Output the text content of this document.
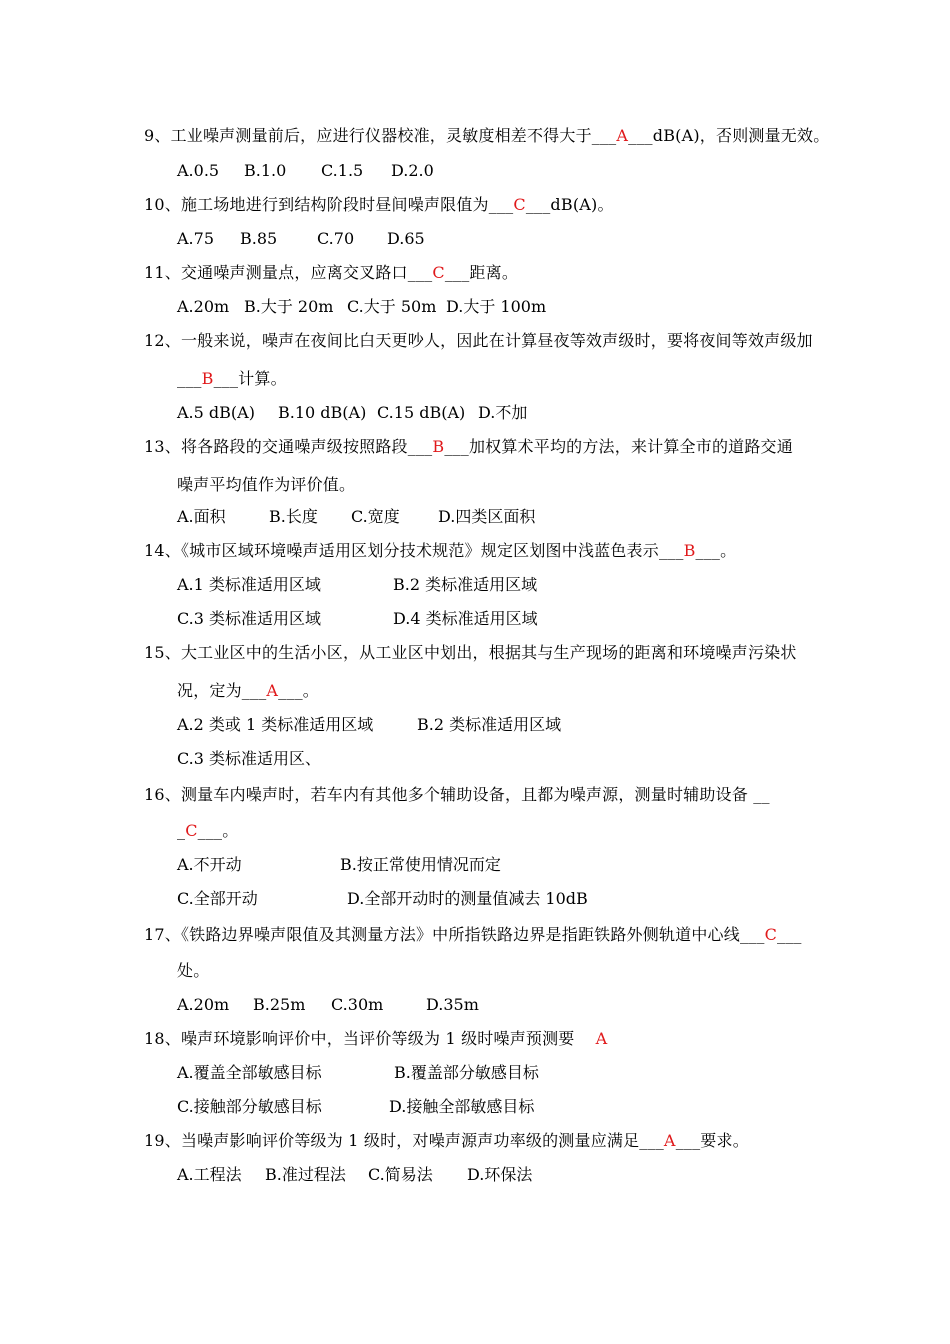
9、工业噪声测量前后，应进行仪器校准，灵敏度相差不得大于___A___dB(A)，否则测量无效。
A.0.5 B.1.0 C.1.5 D.2.0
10、施工场地进行到结构阶段时昼间噪声限值为___C___dB(A)。
A.75 B.85 C.70 D.65
11、交通噪声测量点，应离交叉路口___C___距离。
A.20m B.大于 20m C.大于 50m D.大于 100m
12、一般来说，噪声在夜间比白天更吵人，因此在计算昼夜等效声级时，要将夜间等效声级加
___B___计算。
A.5 dB(A) B.10 dB(A) C.15 dB(A) D.不加
13、将各路段的交通噪声级按照路段___B___加权算术平均的方法，来计算全市的道路交通
噪声平均值作为评价值。
A.面积	B.长度 C.宽度 D.四类区面积
14、《城市区域环境噪声适用区划分技术规范》规定区划图中浅蓝色表示___B___。
A.1 类标准适用区域	B.2 类标准适用区域
C.3 类标准适用区域	D.4 类标准适用区域
15、大工业区中的生活小区，从工业区中划出，根据其与生产现场的距离和环境噪声污染状
况，定为___A___。
A.2 类或 1 类标准适用区域	B.2 类标准适用区域
C.3 类标准适用区、
16、测量车内噪声时，若车内有其他多个辅助设备，且都为噪声源，测量时辅助设备 __
_C___。
A.不开动	B.按正常使用情况而定
C.全部开动	D.全部开动时的测量值减去 10dB
17、《铁路边界噪声限值及其测量方法》中所指铁路边界是指距铁路外侧轨道中心线___C___
处。
A.20m B.25m C.30m	D.35m
18、噪声环境影响评价中，当评价等级为 1 级时噪声预测要    A
A.覆盖全部敏感目标	B.覆盖部分敏感目标
C.接触部分敏感目标	D.接触全部敏感目标
19、当噪声影响评价等级为 1 级时，对噪声源声功率级的测量应满足___A___要求。
A.工程法 B.准过程法 C.简易法 D.环保法
